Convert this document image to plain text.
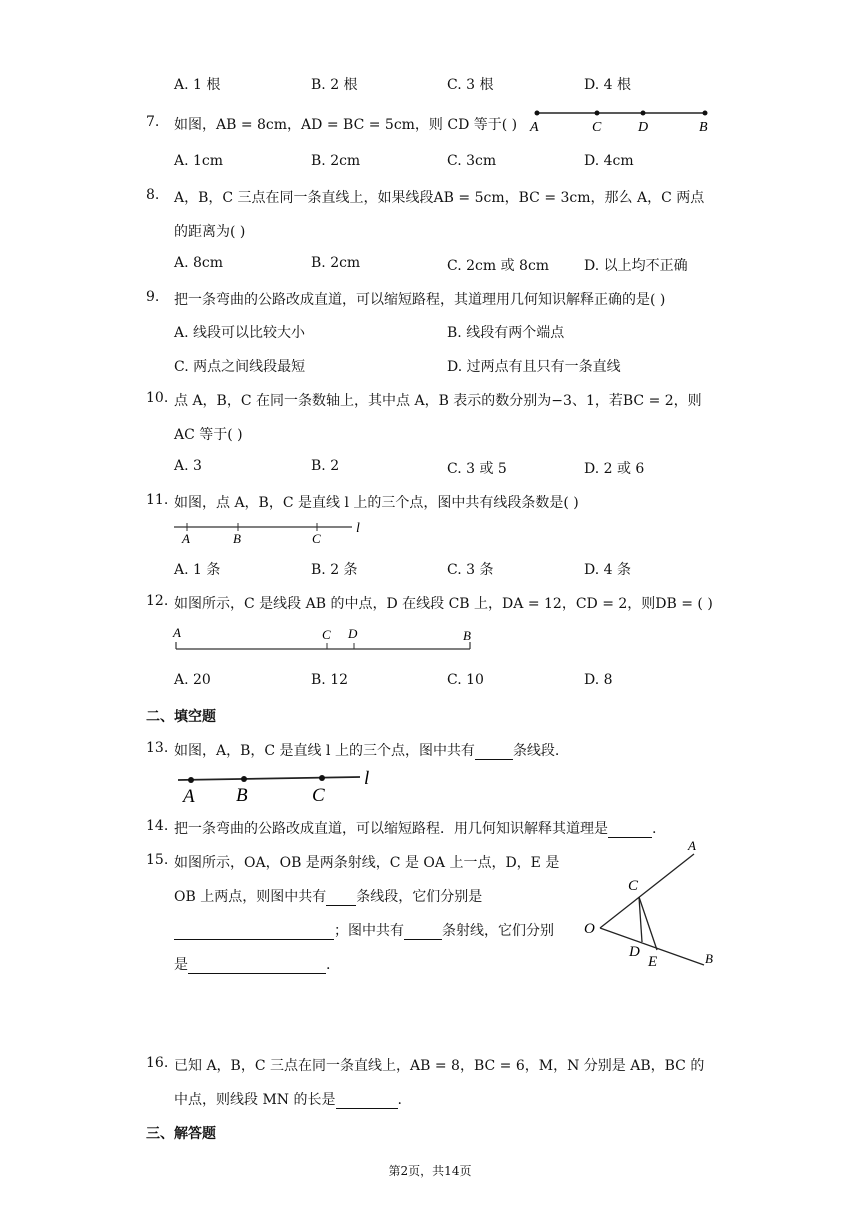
A. 1 根	B. 2 根	C. 3 根	D. 4 根
7. 如图，AB = 8cm，AD = BC = 5cm，则 CD 等于( ) A	C	D	B
A. 1cm	B. 2cm	C. 3cm	D. 4cm
8. A，B，C 三点在同一条直线上，如果线段AB = 5cm，BC = 3cm，那么 A，C 两点
的距离为( )
A. 8cm	B. 2cm	C. 2cm 或 8cm D. 以上均不正确
9. 把一条弯曲的公路改成直道，可以缩短路程，其道理用几何知识解释正确的是( )
A. 线段可以比较大小	B. 线段有两个端点
C. 两点之间线段最短	D. 过两点有且只有一条直线
10. 点 A，B，C 在同一条数轴上，其中点 A，B 表示的数分别为−3、1，若BC = 2，则
AC 等于( )
A. 3	B. 2	C. 3 或 5	D. 2 或 6
11. 如图，点 A，B，C 是直线 l 上的三个点，图中共有线段条数是( )
A	B	C
l
A. 1 条	B. 2 条	C. 3 条	D. 4 条
12. 如图所示，C 是线段 AB 的中点，D 在线段 CB 上，DA = 12，CD = 2，则DB = ( )
A	C D	B
A. 20	B. 12	C. 10	D. 8
二、填空题
13. 如图，A，B，C 是直线 l 上的三个点，图中共有	条线段.
A B	C
l
14. 把一条弯曲的公路改成直道，可以缩短路程．用几何知识解释其道理是	.
15. 如图所示，OA，OB 是两条射线，C 是 OA 上一点，D，E 是
OB 上两点，则图中共有 条线段，它们分别是
；图中共有	条射线，它们分别
是	.
A
C
O
D
E	B
16. 已知 A，B，C 三点在同一条直线上，AB = 8，BC = 6，M，N 分别是 AB，BC 的
中点，则线段 MN 的长是	.
三、解答题
第2页，共14页
